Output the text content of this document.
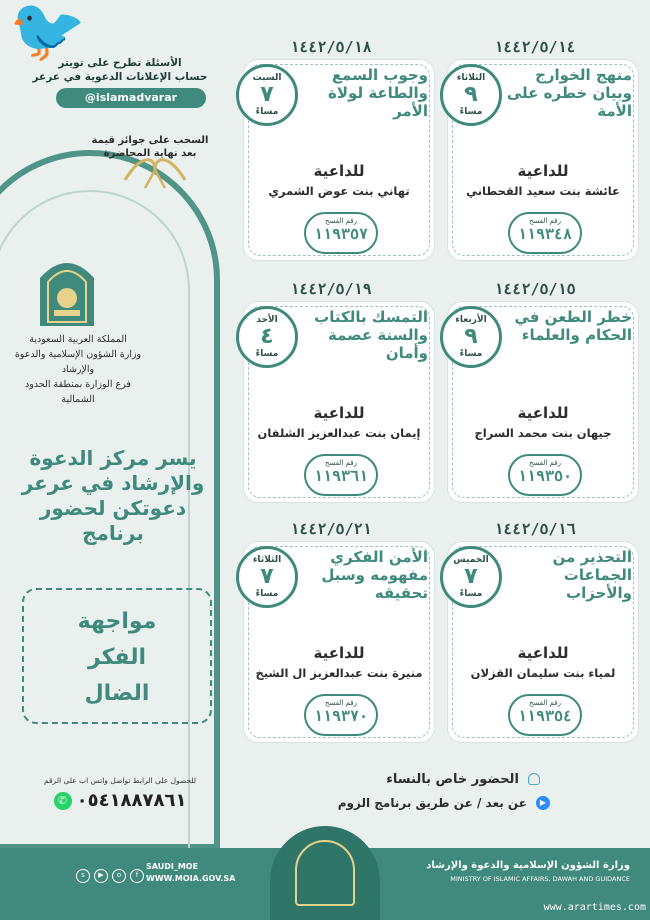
🐦	الأسئلة تطرح على تويتر
حساب الإعلانات الدعوية في عرعر
@islamadvarar
السحب على جوائز قيمة
بعد نهاية المحاضرة
المملكة العربية السعودية
وزارة الشؤون الإسلامية والدعوة والإرشاد
فرع الوزارة بمنطقة الحدود الشمالية
يسر مركز الدعوة
والإرشاد في عرعر
دعوتكن لحضور
برنامج
مواجهة
الفكر
الضال
للحصول على الرابط تواصل واتس اب على الرقم
✆ ٠٥٤١٨٨٧٨٦١
١٤٤٢/٥/١٤
الثلاثاء
٩
مساءً
منهج الخوارج وبيان خطره على الأمة
للداعية
عائشة بنت سعيد القحطاني
رقم الفسح
١١٩٣٤٨
١٤٤٢/٥/١٨
السبت
٧
مساءً
وجوب السمع والطاعة لولاة الأمر
للداعية
تهاني بنت عوض الشمري
رقم الفسح
١١٩٣٥٧
١٤٤٢/٥/١٥
الأربعاء
٩
مساءً
خطر الطعن في الحكام والعلماء
للداعية
جيهان بنت محمد السراج
رقم الفسح
١١٩٣٥٠
١٤٤٢/٥/١٩
الأحد
٤
مساءً
التمسك بالكتاب والسنة عصمة وأمان
للداعية
إيمان بنت عبدالعزيز الشلفان
رقم الفسح
١١٩٣٦١
١٤٤٢/٥/١٦
الخميس
٧
مساءً
التحذير من الجماعات والأحزاب
للداعية
لمياء بنت سليمان القزلان
رقم الفسح
١١٩٣٥٤
١٤٤٢/٥/٢١
الثلاثاء
٧
مساءً
الأمن الفكري مفهومه وسبل تحقيقه
للداعية
منيرة بنت عبدالعزيز ال الشيخ
رقم الفسح
١١٩٣٧٠
الحضور خاص بالنساء
▶ عن بعد / عن طريق برنامج الزوم
s ▶ o f
SAUDI_MOE
WWW.MOIA.GOV.SA
وزارة الشؤون الإسلامية والدعوة والإرشاد
MINISTRY OF ISLAMIC AFFAIRS, DAWAH AND GUIDANCE
www.arartimes.com
